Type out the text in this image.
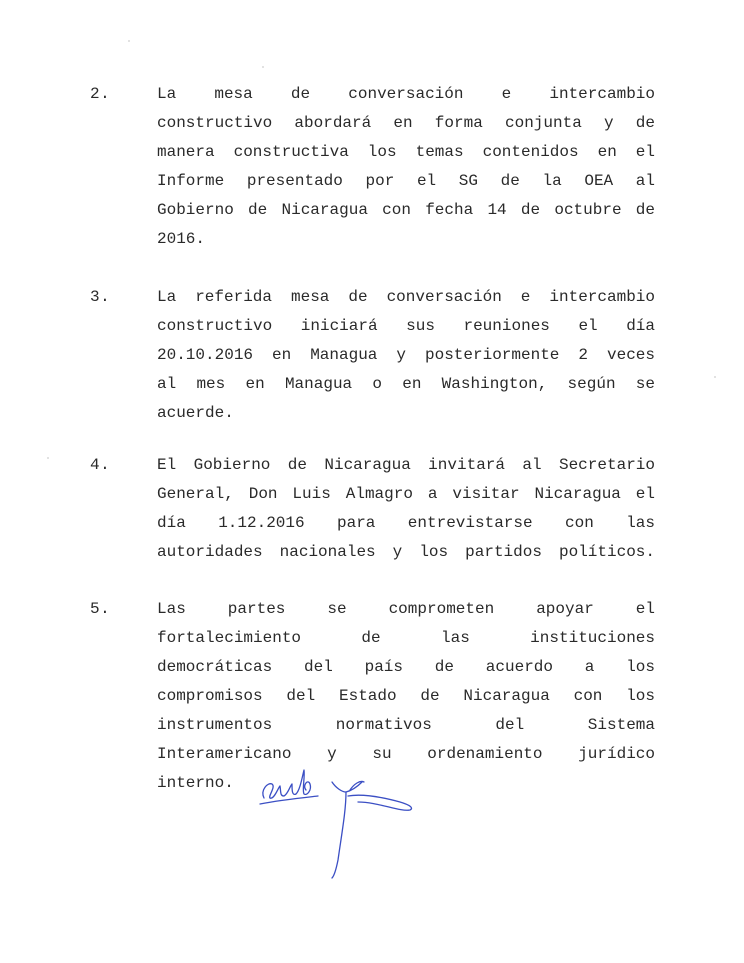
2.	La mesa de conversación e intercambio
constructivo abordará en forma conjunta y de
manera constructiva los temas contenidos en el
Informe presentado por el SG de la OEA al
Gobierno de Nicaragua con fecha 14 de octubre de
2016.
3.	La referida mesa de conversación e intercambio
constructivo iniciará sus reuniones el día
20.10.2016 en Managua y posteriormente 2 veces
al mes en Managua o en Washington, según se
acuerde.
4.	El Gobierno de Nicaragua invitará al Secretario
General, Don Luis Almagro a visitar Nicaragua el
día 1.12.2016 para entrevistarse con las
autoridades nacionales y los partidos políticos.
5.	Las partes se comprometen apoyar el
fortalecimiento de las instituciones
democráticas del país de acuerdo a los
compromisos del Estado de Nicaragua con los
instrumentos normativos del Sistema
Interamericano y su ordenamiento jurídico
interno.
